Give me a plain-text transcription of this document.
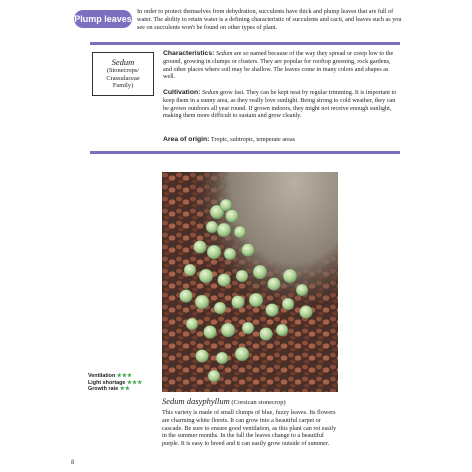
Plump leaves

In order to protect themselves from dehydration, succulents have thick and plump leaves that are full of water. The ability to retain water is a defining characteristic of succulents and cacti, and leaves such as you see on succulents won't be found on other types of plant.

Sedum
(Stonecrops/
Crassulaceae
Family)

Characteristics: Sedum are so named because of the way they spread or creep low to the ground, growing in clumps or clusters. They are popular for rooftop greening, rock gardens, and other places where soil may be shallow. The leaves come in many colors and shapes as well.

Cultivation: Sedum grow fast. They can be kept neat by regular trimming. It is important to keep them in a sunny area, as they really love sunlight. Being strong to cold weather, they can be grown outdoors all year round. If grown indoors, they might not receive enough sunlight, making them more difficult to sustain and grow cleanly.

Area of origin: Tropic, subtropic, temperate areas

Ventilation ★★★
Light shortage ★★★
Growth rate ★★

Sedum dasyphyllum (Corsican stonecrop)

This variety is made of small clumps of blue, fuzzy leaves. Its flowers are charming white florets. It can grow into a beautiful carpet or cascade. Be sure to ensure good ventilation, as this plant can rot easily in the summer months. In the fall the leaves change to a beautiful purple. It is easy to breed and it can easily grow outside of summer.

8
